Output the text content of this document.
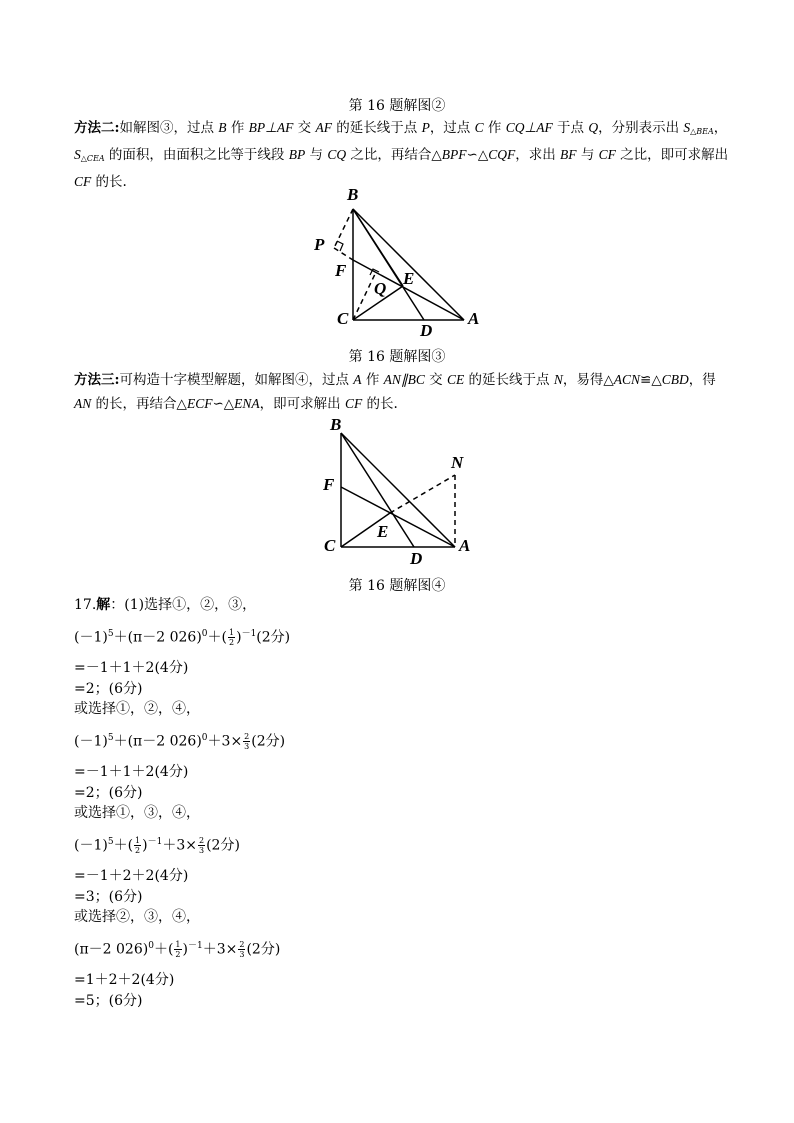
第 16 题解图②
方法二:如解图③，过点 B 作 BP⊥AF 交 AF 的延长线于点 P，过点 C 作 CQ⊥AF 于点 Q，分别表示出 $S_{\triangle BEA}$，$S_{\triangle CEA}$ 的面积，由面积之比等于线段 BP 与 CQ 之比，再结合△BPF∽△CQF，求出 BF 与 CF 之比，即可求解出 CF 的长.
B
P
F
Q
E
C
D
A
第 16 题解图③
方法三:可构造十字模型解题，如解图④，过点 A 作 AN∥BC 交 CE 的延长线于点 N，易得△ACN≌△CBD，得 AN 的长，再结合△ECF∽△ENA，即可求解出 CF 的长.
B
N
F
E
C
D
A
第 16 题解图④
17.解：(1)选择①，②，③，
$(-1)^5+(\pi-2$ $026)^0+( \frac{1}{2} )^{-1}(2$分)
=－1＋1＋2(4分)
=2；(6分)
或选择①，②，④，
$(-1)^5+(\pi-2$ $026)^0+3\times \frac{2}{3} (2$分)
=－1＋1＋2(4分)
=2；(6分)
或选择①，③，④，
$(-1)^5+( \frac{1}{2} )^{-1}+3\times \frac{2}{3} (2$分)
=－1＋2＋2(4分)
=3；(6分)
或选择②，③，④，
(π－2 $026)^0+( \frac{1}{2} )^{-1}+3\times \frac{2}{3} (2$分)
=1＋2＋2(4分)
=5；(6分)
